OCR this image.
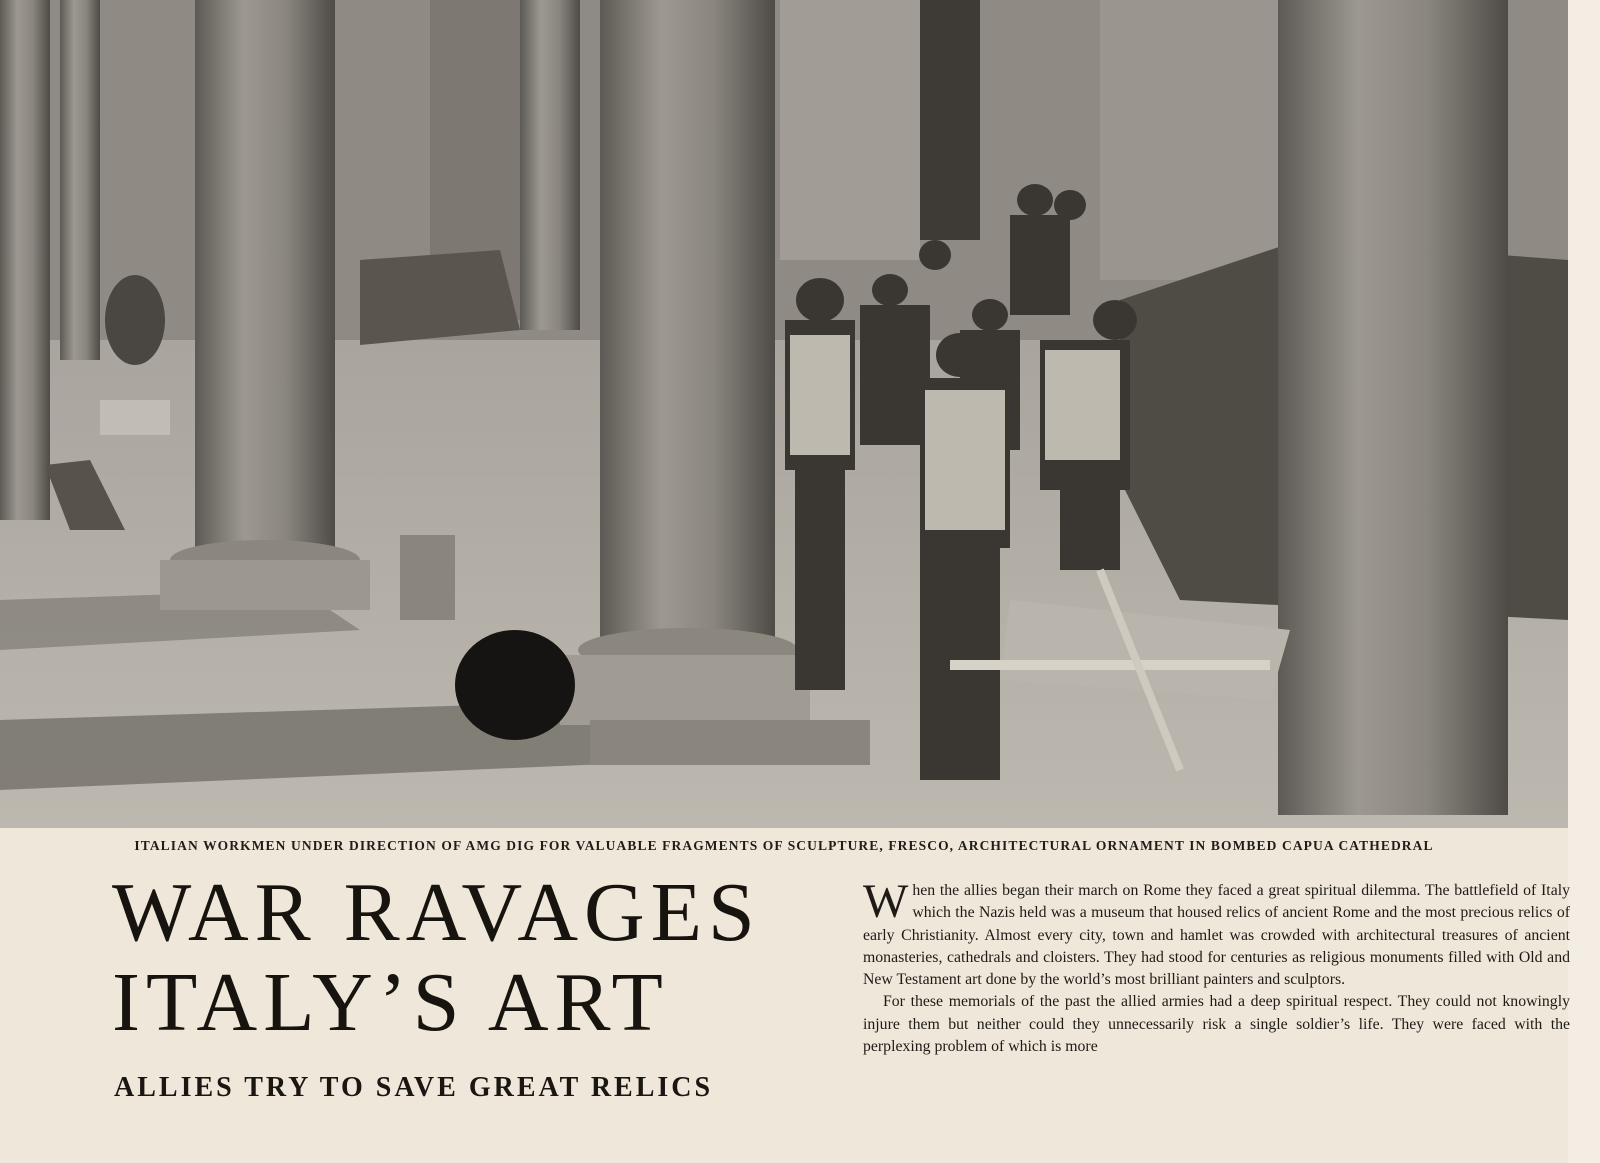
ITALIAN WORKMEN UNDER DIRECTION OF AMG DIG FOR VALUABLE FRAGMENTS OF SCULPTURE, FRESCO, ARCHITECTURAL ORNAMENT IN BOMBED CAPUA CATHEDRAL
WAR RAVAGES
ITALY’S ART
ALLIES TRY TO SAVE GREAT RELICS

When the allies began their march on Rome they faced a great spiritual dilemma. The battlefield of Italy which the Nazis held was a museum that housed relics of ancient Rome and the most precious relics of early Christianity. Almost every city, town and hamlet was crowded with architectural treasures of ancient monasteries, cathedrals and cloisters. They had stood for centuries as religious monuments filled with Old and New Testament art done by the world’s most brilliant painters and sculptors.

For these memorials of the past the allied armies had a deep spiritual respect. They could not knowingly injure them but neither could they unnecessarily risk a single soldier’s life. They were faced with the perplexing problem of which is more
